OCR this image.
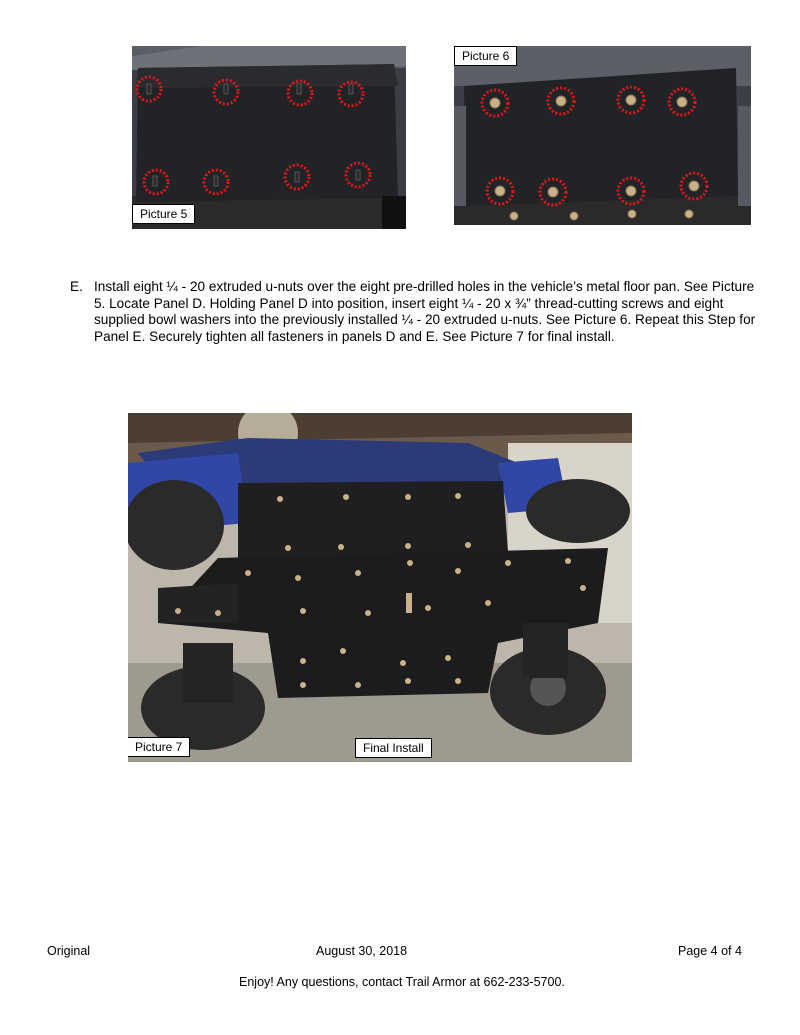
Picture 5
Picture 6
E. Install eight ¼ - 20 extruded u-nuts over the eight pre-drilled holes in the vehicle’s metal floor pan. See Picture 5. Locate Panel D. Holding Panel D into position, insert eight ¼ - 20 x ¾” thread-cutting screws and eight supplied bowl washers into the previously installed ¼ - 20 extruded u-nuts. See Picture 6. Repeat this Step for Panel E. Securely tighten all fasteners in panels D and E. See Picture 7 for final install.
Picture 7	Final Install
Original	August 30, 2018	Page 4 of 4
Enjoy! Any questions, contact Trail Armor at 662-233-5700.
